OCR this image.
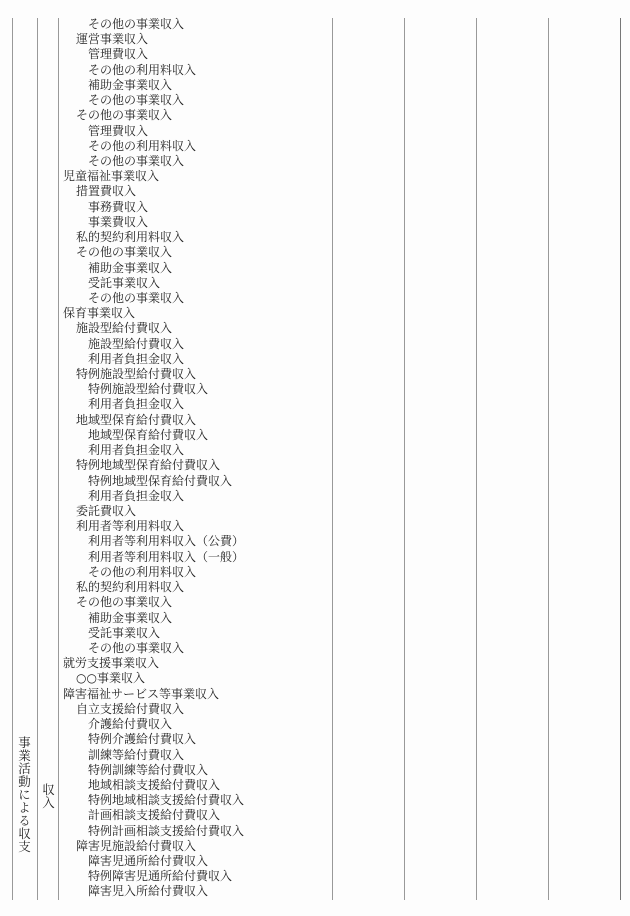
事業活動による収支 収入
その他の事業収入
運営事業収入
管理費収入
その他の利用料収入
補助金事業収入
その他の事業収入
その他の事業収入
管理費収入
その他の利用料収入
その他の事業収入
児童福祉事業収入
措置費収入
事務費収入
事業費収入
私的契約利用料収入
その他の事業収入
補助金事業収入
受託事業収入
その他の事業収入
保育事業収入
施設型給付費収入
施設型給付費収入
利用者負担金収入
特例施設型給付費収入
特例施設型給付費収入
利用者負担金収入
地域型保育給付費収入
地域型保育給付費収入
利用者負担金収入
特例地域型保育給付費収入
特例地域型保育給付費収入
利用者負担金収入
委託費収入
利用者等利用料収入
利用者等利用料収入（公費）
利用者等利用料収入（一般）
その他の利用料収入
私的契約利用料収入
その他の事業収入
補助金事業収入
受託事業収入
その他の事業収入
就労支援事業収入
○○事業収入
障害福祉サービス等事業収入
自立支援給付費収入
介護給付費収入
特例介護給付費収入
訓練等給付費収入
特例訓練等給付費収入
地域相談支援給付費収入
特例地域相談支援給付費収入
計画相談支援給付費収入
特例計画相談支援給付費収入
障害児施設給付費収入
障害児通所給付費収入
特例障害児通所給付費収入
障害児入所給付費収入
